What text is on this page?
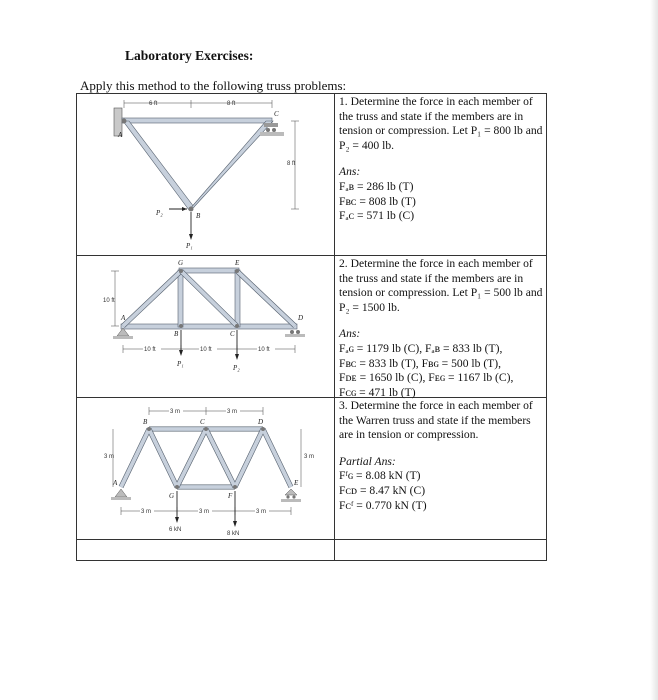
Laboratory Exercises:
Apply this method to the following truss problems:
6 ft	8 ft
8 ft
A
B
C
P₂
P₁

1. Determine the force in each member of the truss and state if the members are in tension or compression. Let P₁ = 800 lb and P₂ = 400 lb.

Ans:

Fₐʙ = 286 lb (T)
Fʙᴄ = 808 lb (T)
Fₐᴄ = 571 lb (C)
10 ft
10 ft	10 ft	10 ft
G	E
A
B	C
D
P₁	P₂

2. Determine the force in each member of the truss and state if the members are in tension or compression. Let P₁ = 500 lb and P₂ = 1500 lb.

Ans:

Fₐɢ = 1179 lb (C), Fₐʙ = 833 lb (T),
Fʙᴄ = 833 lb (T), Fʙɢ = 500 lb (T),
Fᴅᴇ = 1650 lb (C), Fᴇɢ = 1167 lb (C),
Fᴄɢ = 471 lb (T)
3 m	3 m
3 m	3 m
3 m	3 m	3 m
6 kN
8 kN
B	C	D
A
G	F
E

3. Determine the force in each member of the Warren truss and state if the members are in tension or compression.

Partial Ans:

Fᶠɢ = 8.08 kN (T)
Fᴄᴅ = 8.47 kN (C)
Fᴄᶠ = 0.770 kN (T)
